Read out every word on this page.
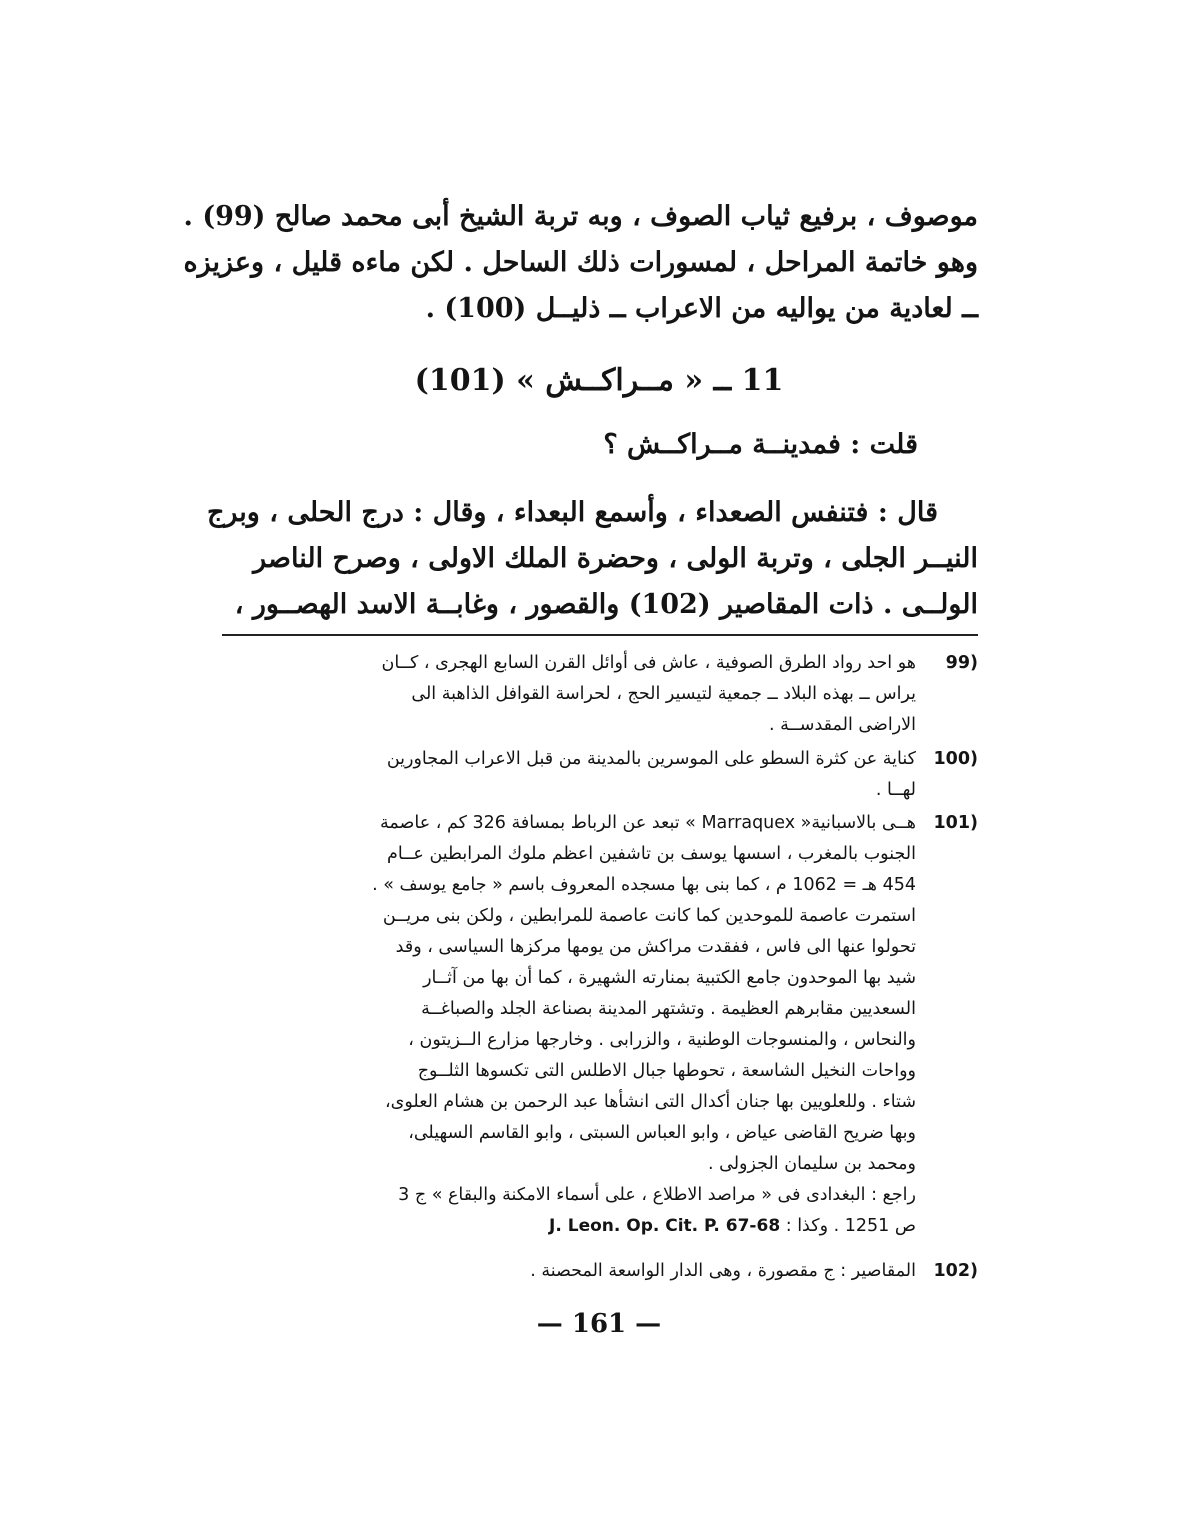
موصوف ، برفيع ثياب الصوف ، وبه تربة الشيخ أبى محمد صالح (99) .
وهو خاتمة المراحل ، لمسورات ذلك الساحل . لكن ماءه قليل ، وعزيزه
ــ لعادية من يواليه من الاعراب ــ ذليــل (100) .
11 ــ « مــراكــش » (101)
قلت : فمدينــة مــراكــش ؟
قال : فتنفس الصعداء ، وأسمع البعداء ، وقال : درج الحلى ، وبرج
النيــر الجلى ، وتربة الولى ، وحضرة الملك الاولى ، وصرح الناصر
الولــى . ذات المقاصير (102) والقصور ، وغابــة الاسد الهصــور ،
99)
هو احد رواد الطرق الصوفية ، عاش فى أوائل القرن السابع الهجرى ، كــان
يراس ــ بهذه البلاد ــ جمعية لتيسير الحج ، لحراسة القوافل الذاهبة الى
الاراضى المقدســة .
100)
كناية عن كثرة السطو على الموسرين بالمدينة من قبل الاعراب المجاورين
لهــا .
101)
هــى بالاسبانية« Marraquex » تبعد عن الرباط بمسافة 326 كم ، عاصمة
الجنوب بالمغرب ، اسسها يوسف بن تاشفين اعظم ملوك المرابطين عــام
454 هـ = 1062 م ، كما بنى بها مسجده المعروف باسم « جامع يوسف » .
استمرت عاصمة للموحدين كما كانت عاصمة للمرابطين ، ولكن بنى مريــن
تحولوا عنها الى فاس ، ففقدت مراكش من يومها مركزها السياسى ، وقد
شيد بها الموحدون جامع الكتبية بمنارته الشهيرة ، كما أن بها من آثــار
السعديين مقابرهم العظيمة . وتشتهر المدينة بصناعة الجلد والصباغــة
والنحاس ، والمنسوجات الوطنية ، والزرابى . وخارجها مزارع الــزيتون ،
وواحات النخيل الشاسعة ، تحوطها جبال الاطلس التى تكسوها الثلــوج
شتاء . وللعلويين بها جنان أكدال التى انشأها عبد الرحمن بن هشام العلوى،
وبها ضريح القاضى عياض ، وابو العباس السبتى ، وابو القاسم السهيلى،
ومحمد بن سليمان الجزولى .
راجع : البغدادى فى « مراصد الاطلاع ، على أسماء الامكنة والبقاع » ج 3
ص 1251 . وكذا : J. Leon. Op. Cit. P. 67-68
102)
المقاصير : ج مقصورة ، وهى الدار الواسعة المحصنة .
— 161 —
